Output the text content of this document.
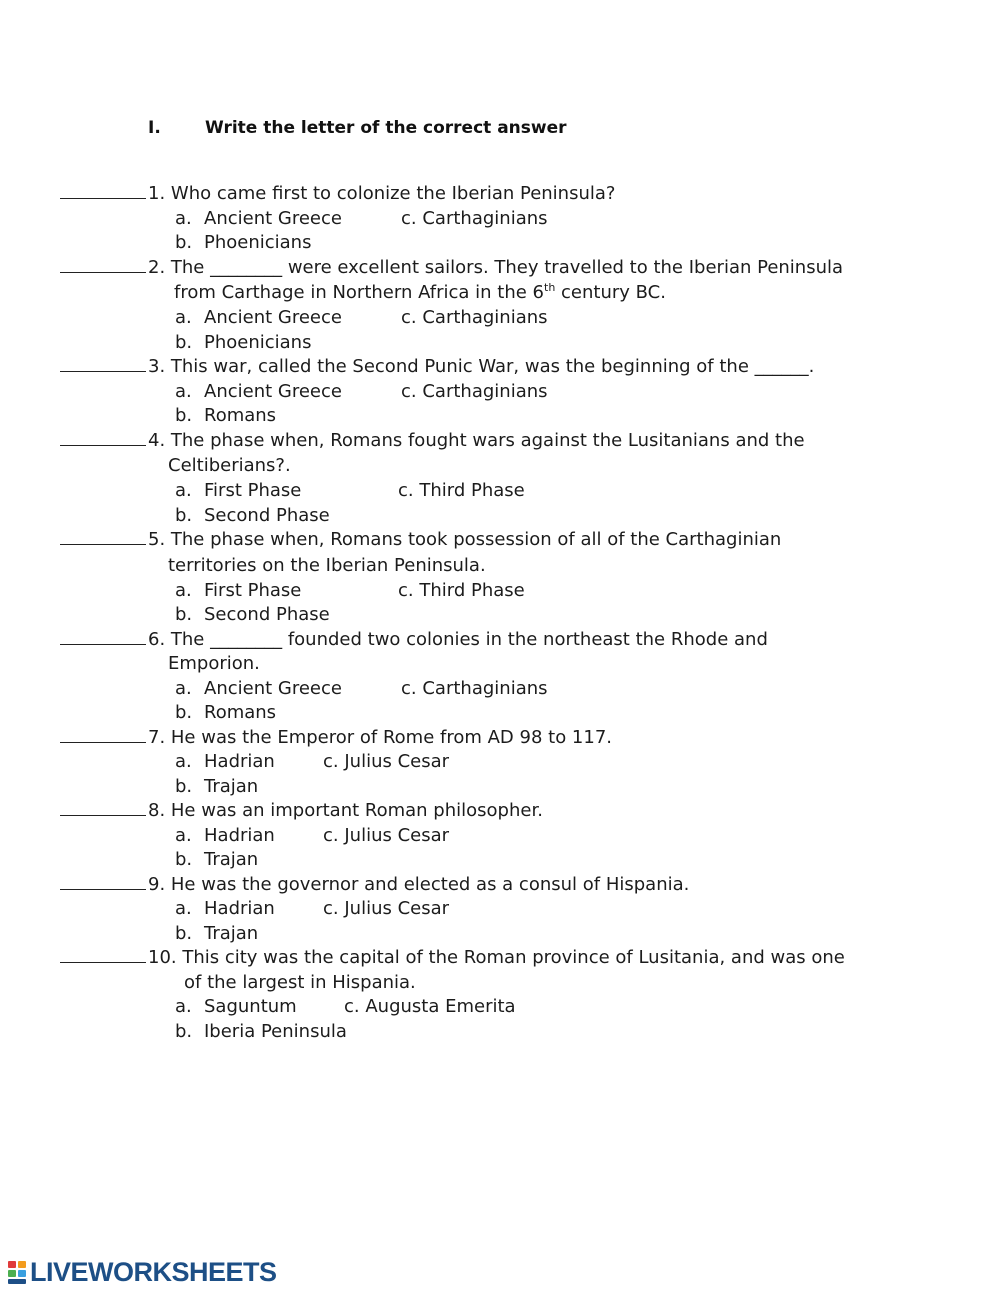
I.	Write the letter of the correct answer
1. Who came first to colonize the Iberian Peninsula?
a. Ancient Greece	c. Carthaginians
b. Phoenicians
2. The ________ were excellent sailors. They travelled to the Iberian Peninsula
from Carthage in Northern Africa in the 6th century BC.
a. Ancient Greece	c. Carthaginians
b. Phoenicians
3. This war, called the Second Punic War, was the beginning of the ______.
a. Ancient Greece	c. Carthaginians
b. Romans
4. The phase when, Romans fought wars against the Lusitanians and the
Celtiberians?.
a. First Phase	c. Third Phase
b. Second Phase
5. The phase when, Romans took possession of all of the Carthaginian
territories on the Iberian Peninsula.
a. First Phase	c. Third Phase
b. Second Phase
6. The ________ founded two colonies in the northeast the Rhode and
Emporion.
a. Ancient Greece	c. Carthaginians
b. Romans
7. He was the Emperor of Rome from AD 98 to 117.
a. Hadrian	c. Julius Cesar
b. Trajan
8. He was an important Roman philosopher.
a. Hadrian	c. Julius Cesar
b. Trajan
9. He was the governor and elected as a consul of Hispania.
a. Hadrian	c. Julius Cesar
b. Trajan
10. This city was the capital of the Roman province of Lusitania, and was one
of the largest in Hispania.
a. Saguntum	c. Augusta Emerita
b. Iberia Peninsula
LIVEWORKSHEETS
